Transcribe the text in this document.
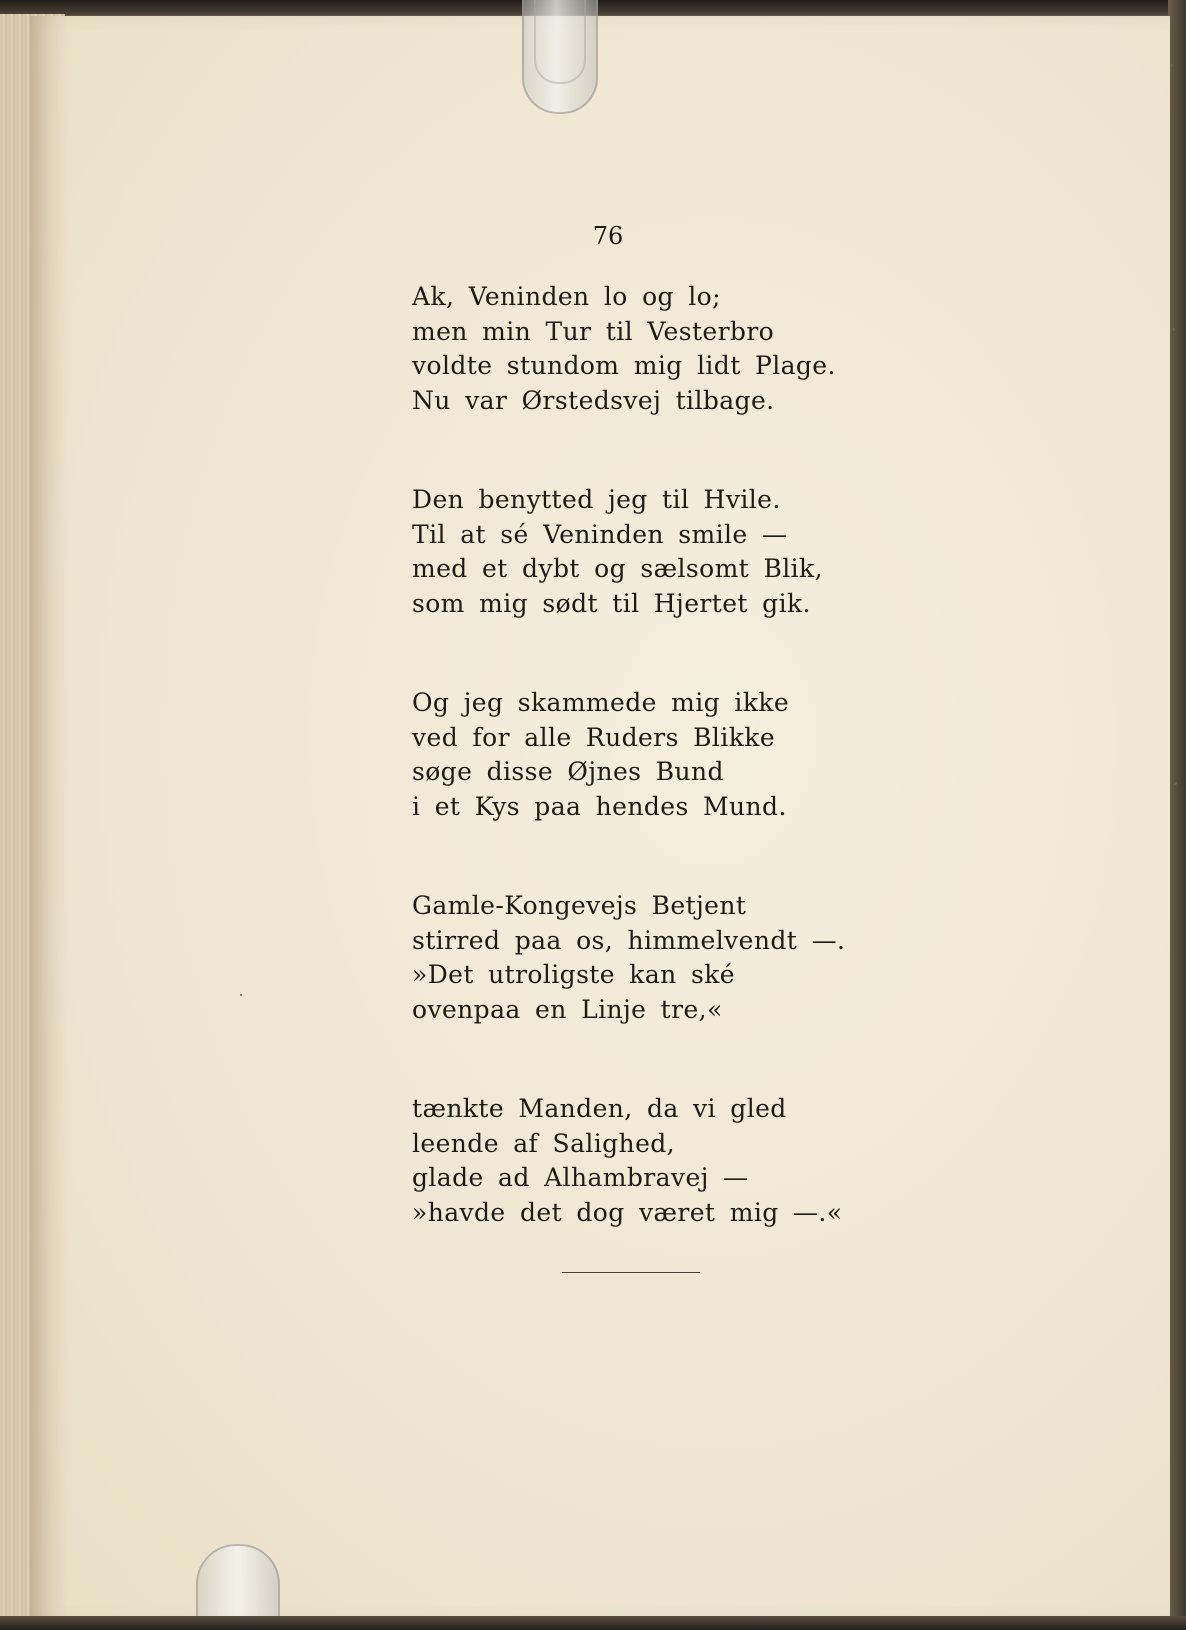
76
Ak, Veninden lo og lo;
men min Tur til Vesterbro
voldte stundom mig lidt Plage.
Nu var Ørstedsvej tilbage.
Den benytted jeg til Hvile.
Til at sé Veninden smile —
med et dybt og sælsomt Blik,
som mig sødt til Hjertet gik.
Og jeg skammede mig ikke
ved for alle Ruders Blikke
søge disse Øjnes Bund
i et Kys paa hendes Mund.
Gamle-Kongevejs Betjent
stirred paa os, himmelvendt —.
»Det utroligste kan ské
ovenpaa en Linje tre,«
tænkte Manden, da vi gled
leende af Salighed,
glade ad Alhambravej —
»havde det dog været mig —.«
